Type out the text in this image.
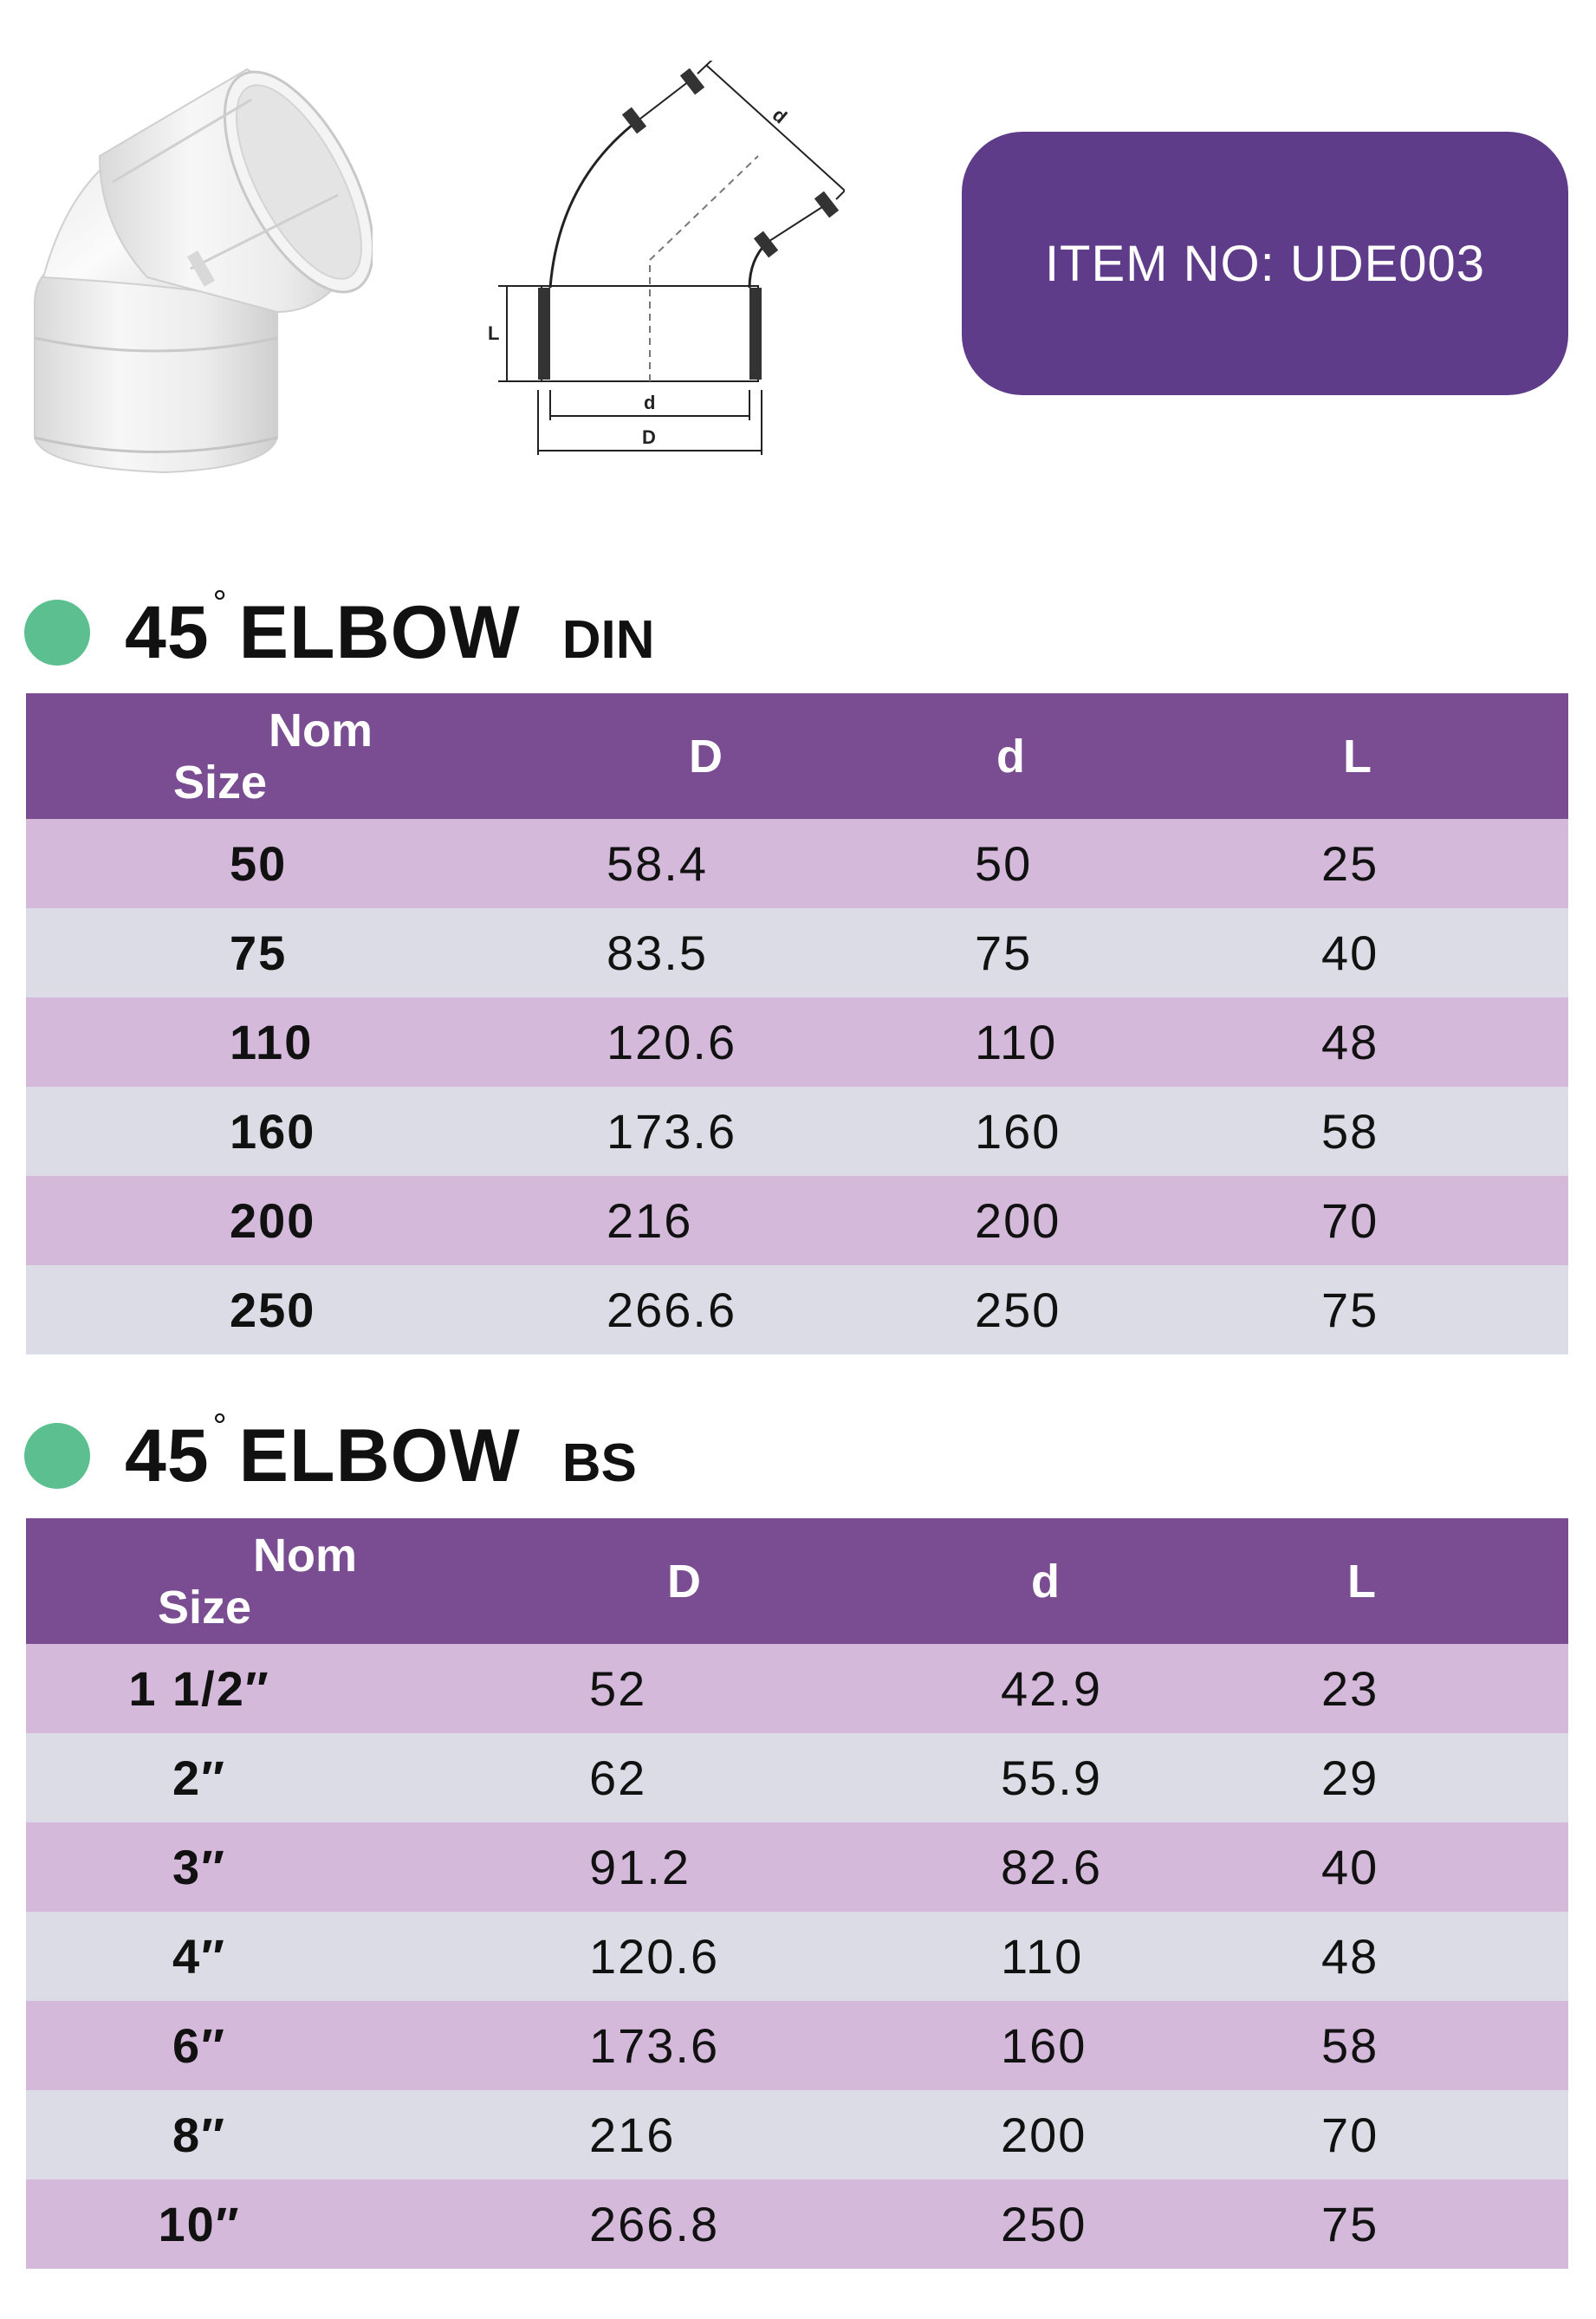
d
L
d
D
ITEM NO: UDE003
45 ° ELBOW DIN
Nom
Size	D	d	L
50	58.4	50	25
75	83.5	75	40
110	120.6	110	48
160	173.6	160	58
200	216	200	70
250	266.6	250	75
45 ° ELBOW BS
Nom
Size	D	d	L
1 1/2″	52	42.9	23
2″	62	55.9	29
3″	91.2	82.6	40
4″	120.6	110	48
6″	173.6	160	58
8″	216	200	70
10″	266.8	250	75
